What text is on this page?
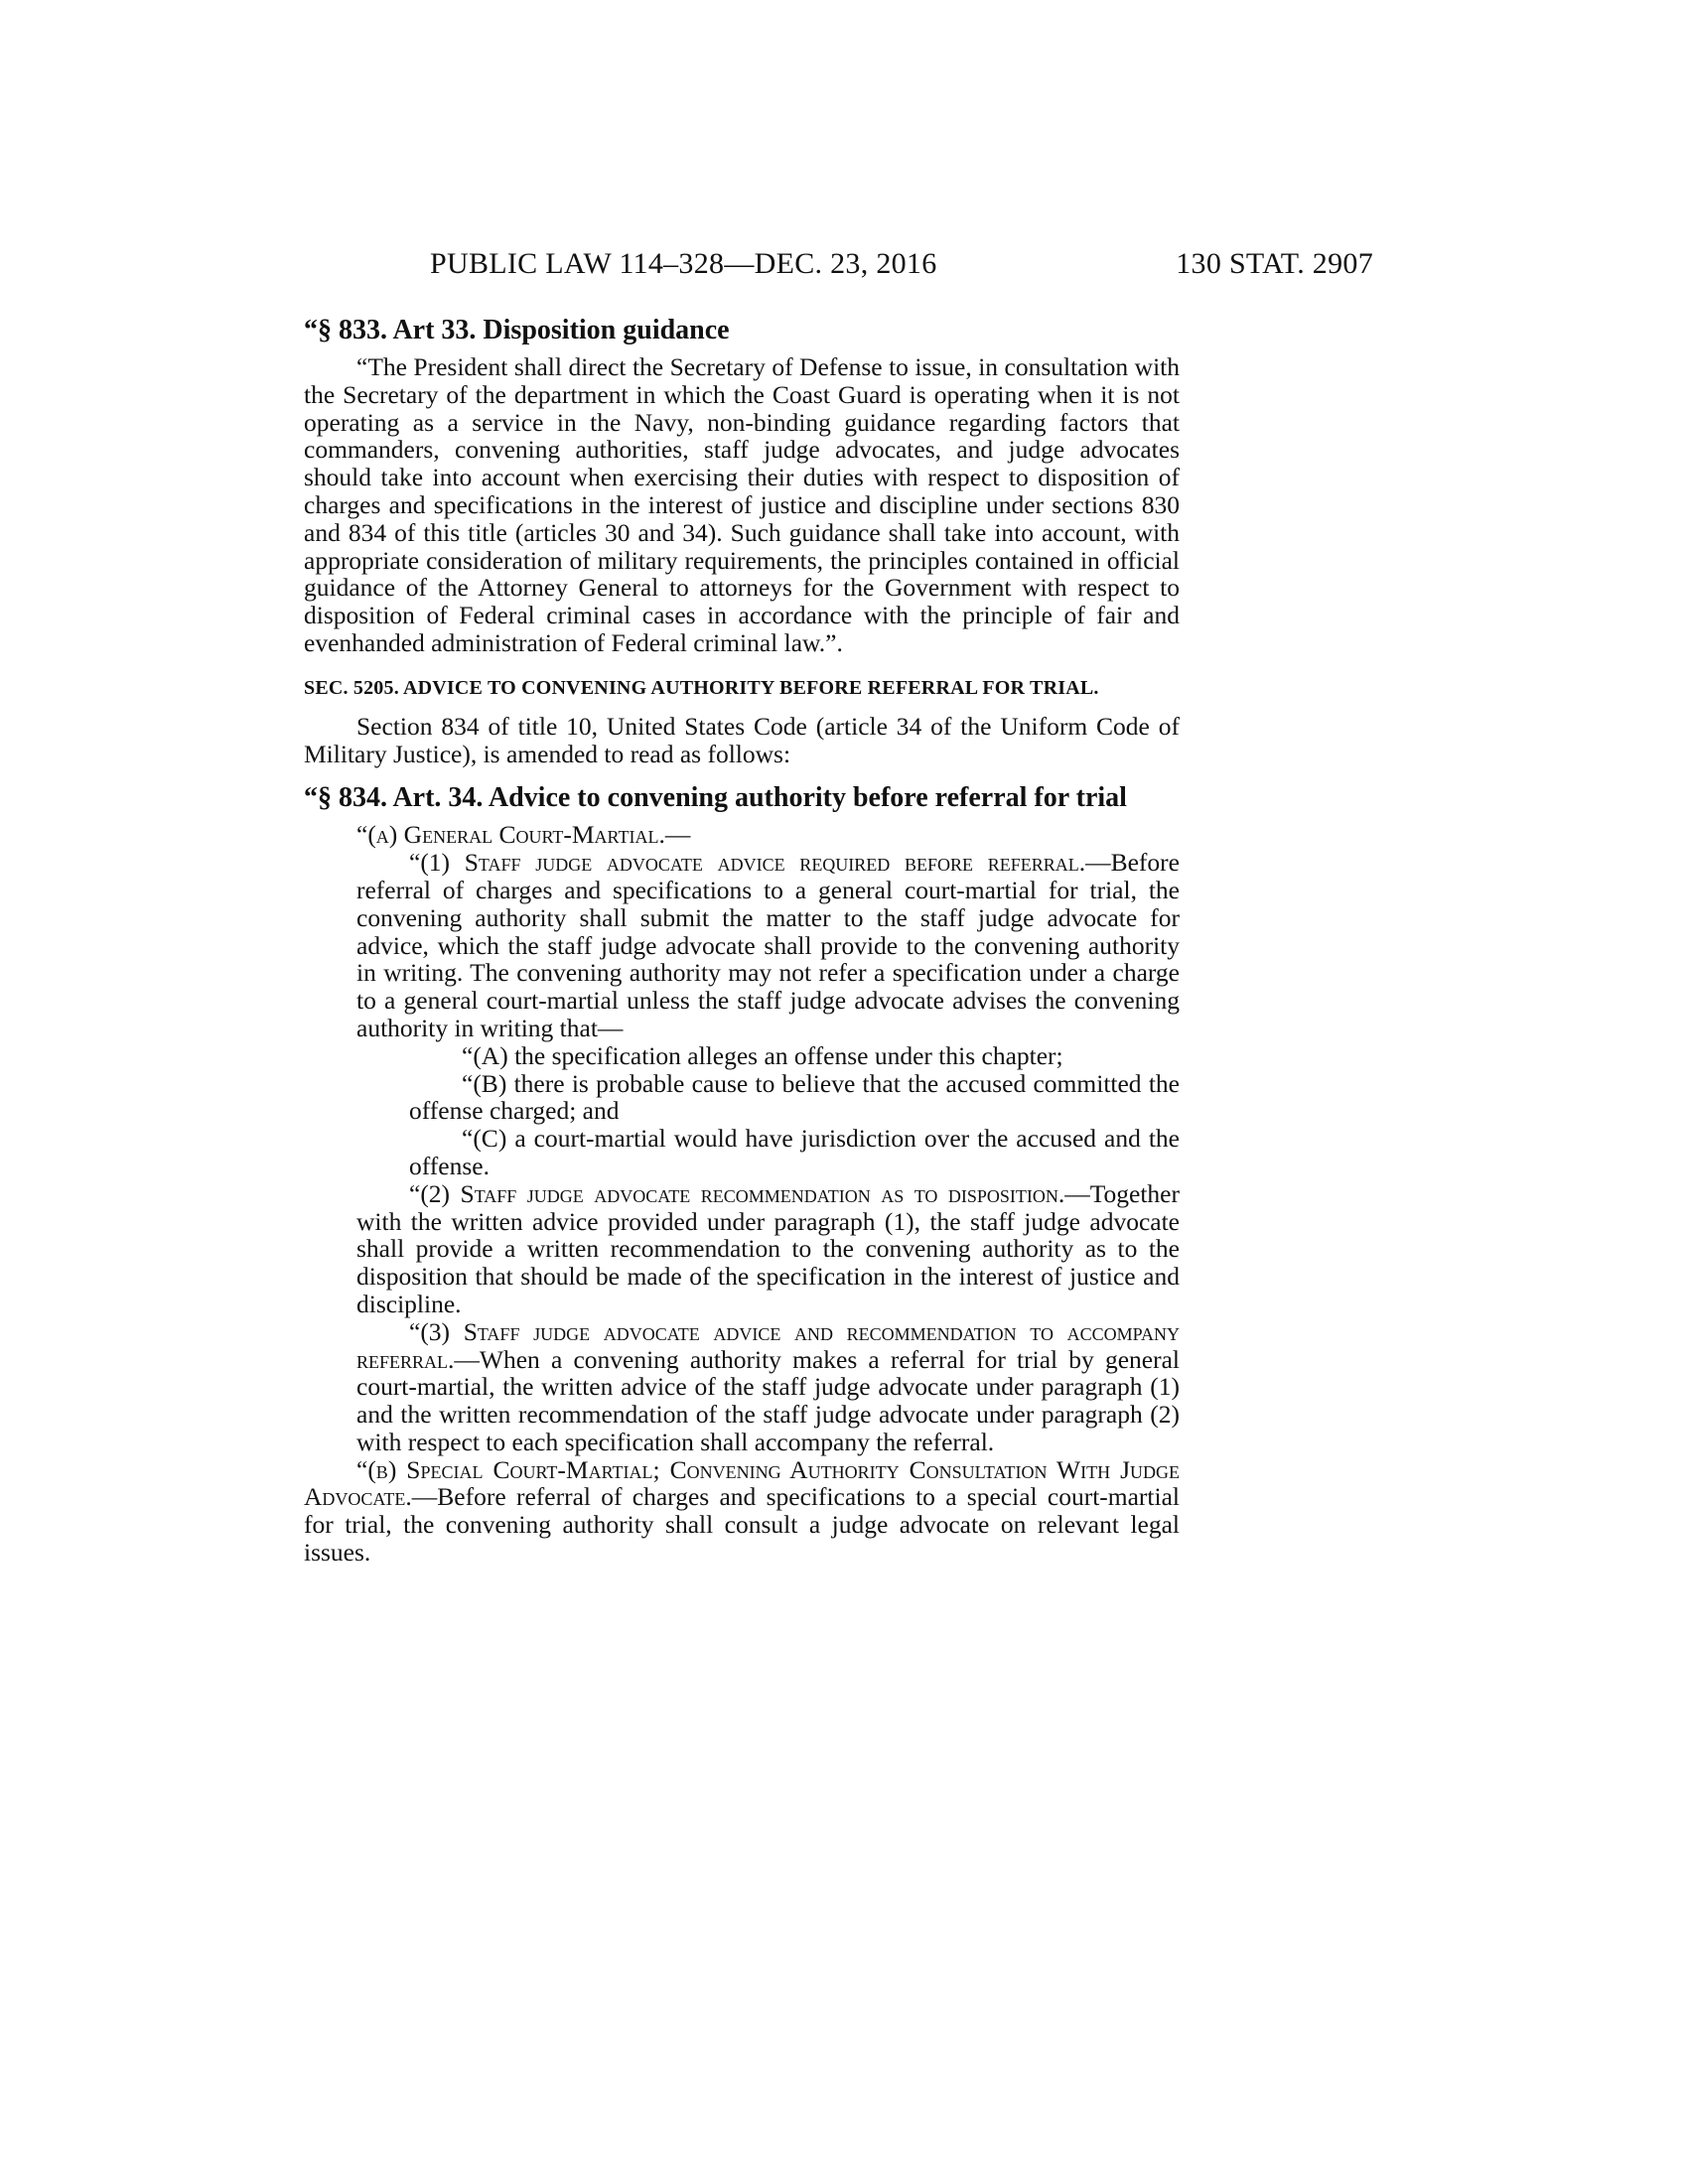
PUBLIC LAW 114–328—DEC. 23, 2016	130 STAT. 2907

“§ 833. Art 33. Disposition guidance

“The President shall direct the Secretary of Defense to issue, in consultation with the Secretary of the department in which the Coast Guard is operating when it is not operating as a service in the Navy, non-binding guidance regarding factors that commanders, convening authorities, staff judge advocates, and judge advocates should take into account when exercising their duties with respect to disposition of charges and specifications in the interest of justice and discipline under sections 830 and 834 of this title (articles 30 and 34). Such guidance shall take into account, with appropriate consideration of military requirements, the principles contained in official guidance of the Attorney General to attorneys for the Government with respect to disposition of Federal criminal cases in accordance with the principle of fair and evenhanded administration of Federal criminal law.”.

SEC. 5205. ADVICE TO CONVENING AUTHORITY BEFORE REFERRAL FOR TRIAL.

Section 834 of title 10, United States Code (article 34 of the Uniform Code of Military Justice), is amended to read as follows:

“§ 834. Art. 34. Advice to convening authority before referral for trial

“(a) General Court-Martial.—

“(1) Staff judge advocate advice required before referral.—Before referral of charges and specifications to a general court-martial for trial, the convening authority shall submit the matter to the staff judge advocate for advice, which the staff judge advocate shall provide to the convening authority in writing. The convening authority may not refer a specification under a charge to a general court-martial unless the staff judge advocate advises the convening authority in writing that—

“(A) the specification alleges an offense under this chapter;

“(B) there is probable cause to believe that the accused committed the offense charged; and

“(C) a court-martial would have jurisdiction over the accused and the offense.

“(2) Staff judge advocate recommendation as to disposition.—Together with the written advice provided under paragraph (1), the staff judge advocate shall provide a written recommendation to the convening authority as to the disposition that should be made of the specification in the interest of justice and discipline.

“(3) Staff judge advocate advice and recommendation to accompany referral.—When a convening authority makes a referral for trial by general court-martial, the written advice of the staff judge advocate under paragraph (1) and the written recommendation of the staff judge advocate under paragraph (2) with respect to each specification shall accompany the referral.

“(b) Special Court-Martial; Convening Authority Consultation With Judge Advocate.—Before referral of charges and specifications to a special court-martial for trial, the convening authority shall consult a judge advocate on relevant legal issues.
